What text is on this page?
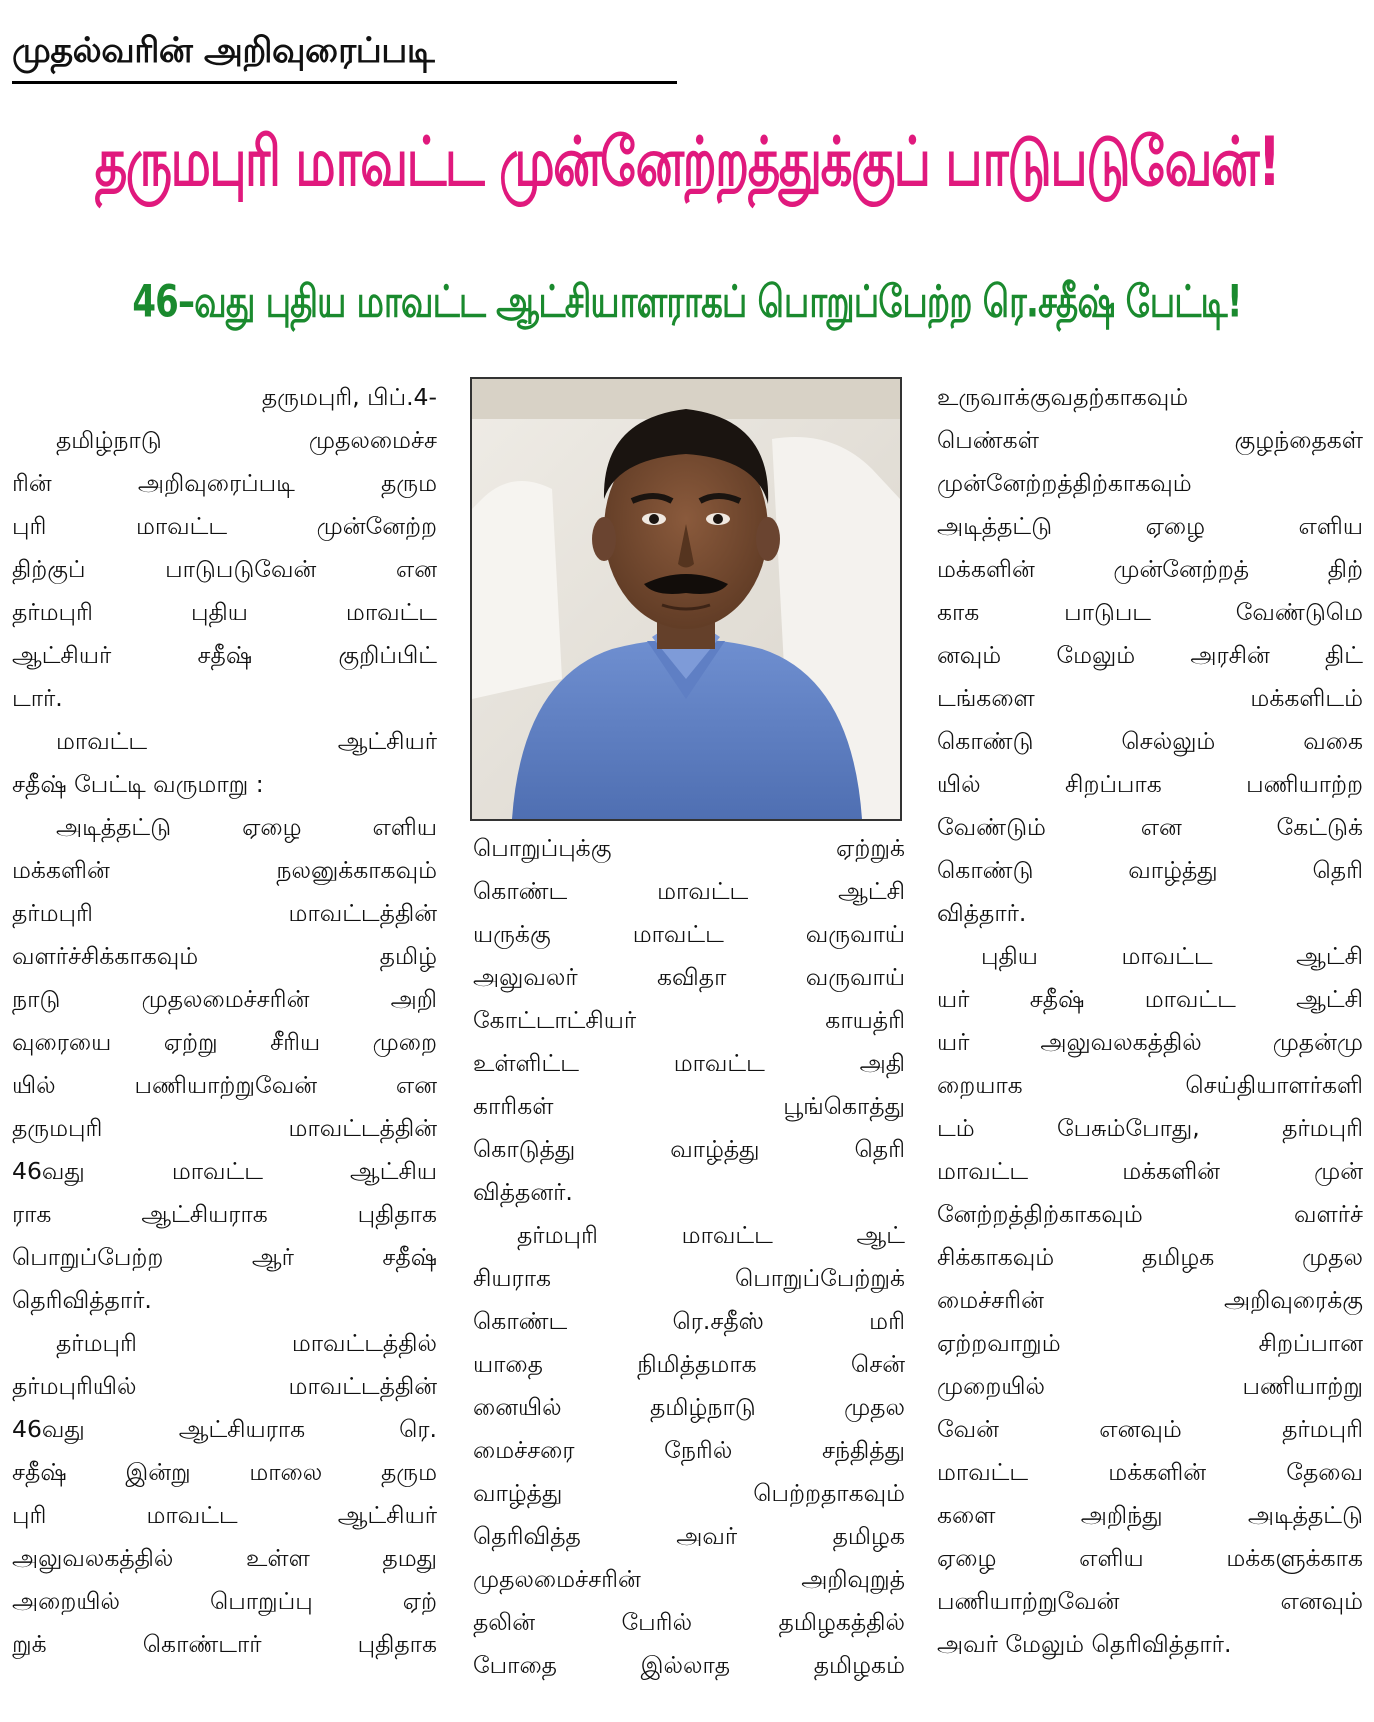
முதல்வரின் அறிவுரைப்படி
தருமபுரி மாவட்ட முன்னேற்றத்துக்குப் பாடுபடுவேன்!
46–வது புதிய மாவட்ட ஆட்சியாளராகப் பொறுப்பேற்ற ரெ.சதீஷ் பேட்டி!
தருமபுரி, பிப்.4-
தமிழ்நாடு முதலமைச்ச
ரின் அறிவுரைப்படி தரும
புரி மாவட்ட முன்னேற்ற
திற்குப் பாடுபடுவேன் என
தர்மபுரி புதிய மாவட்ட
ஆட்சியர் சதீஷ் குறிப்பிட்
டார்.
மாவட்ட ஆட்சியர்
சதீஷ் பேட்டி வருமாறு :
அடித்தட்டு ஏழை எளிய
மக்களின் நலனுக்காகவும்
தர்மபுரி மாவட்டத்தின்
வளர்ச்சிக்காகவும் தமிழ்
நாடு முதலமைச்சரின் அறி
வுரையை ஏற்று சீரிய முறை
யில் பணியாற்றுவேன் என
தருமபுரி மாவட்டத்தின்
46வது மாவட்ட ஆட்சிய
ராக ஆட்சியராக புதிதாக
பொறுப்பேற்ற ஆர் சதீஷ்
தெரிவித்தார்.
தர்மபுரி மாவட்டத்தில்
தர்மபுரியில் மாவட்டத்தின்
46வது ஆட்சியராக ரெ.
சதீஷ் இன்று மாலை தரும
புரி மாவட்ட ஆட்சியர்
அலுவலகத்தில் உள்ள தமது
அறையில் பொறுப்பு ஏற்
றுக் கொண்டார் புதிதாக
பொறுப்புக்கு ஏற்றுக்
கொண்ட மாவட்ட ஆட்சி
யருக்கு மாவட்ட வருவாய்
அலுவலர் கவிதா வருவாய்
கோட்டாட்சியர் காயத்ரி
உள்ளிட்ட மாவட்ட அதி
காரிகள் பூங்கொத்து
கொடுத்து வாழ்த்து தெரி
வித்தனர்.
தர்மபுரி மாவட்ட ஆட்
சியராக பொறுப்பேற்றுக்
கொண்ட ரெ.சதீஸ் மரி
யாதை நிமித்தமாக சென்
னையில் தமிழ்நாடு முதல
மைச்சரை நேரில் சந்தித்து
வாழ்த்து பெற்றதாகவும்
தெரிவித்த அவர் தமிழக
முதலமைச்சரின் அறிவுறுத்
தலின் பேரில் தமிழகத்தில்
போதை இல்லாத தமிழகம்
உருவாக்குவதற்காகவும்
பெண்கள் குழந்தைகள்
முன்னேற்றத்திற்காகவும்
அடித்தட்டு ஏழை எளிய
மக்களின் முன்னேற்றத் திற்
காக பாடுபட வேண்டுமெ
னவும் மேலும் அரசின் திட்
டங்களை மக்களிடம்
கொண்டு செல்லும் வகை
யில் சிறப்பாக பணியாற்ற
வேண்டும் என கேட்டுக்
கொண்டு வாழ்த்து தெரி
வித்தார்.
புதிய மாவட்ட ஆட்சி
யர் சதீஷ் மாவட்ட ஆட்சி
யர் அலுவலகத்தில் முதன்மு
றையாக செய்தியாளர்களி
டம் பேசும்போது, தர்மபுரி
மாவட்ட மக்களின் முன்
னேற்றத்திற்காகவும் வளர்ச்
சிக்காகவும் தமிழக முதல
மைச்சரின் அறிவுரைக்கு
ஏற்றவாறும் சிறப்பான
முறையில் பணியாற்று
வேன் எனவும் தர்மபுரி
மாவட்ட மக்களின் தேவை
களை அறிந்து அடித்தட்டு
ஏழை எளிய மக்களுக்காக
பணியாற்றுவேன் எனவும்
அவர் மேலும் தெரிவித்தார்.
